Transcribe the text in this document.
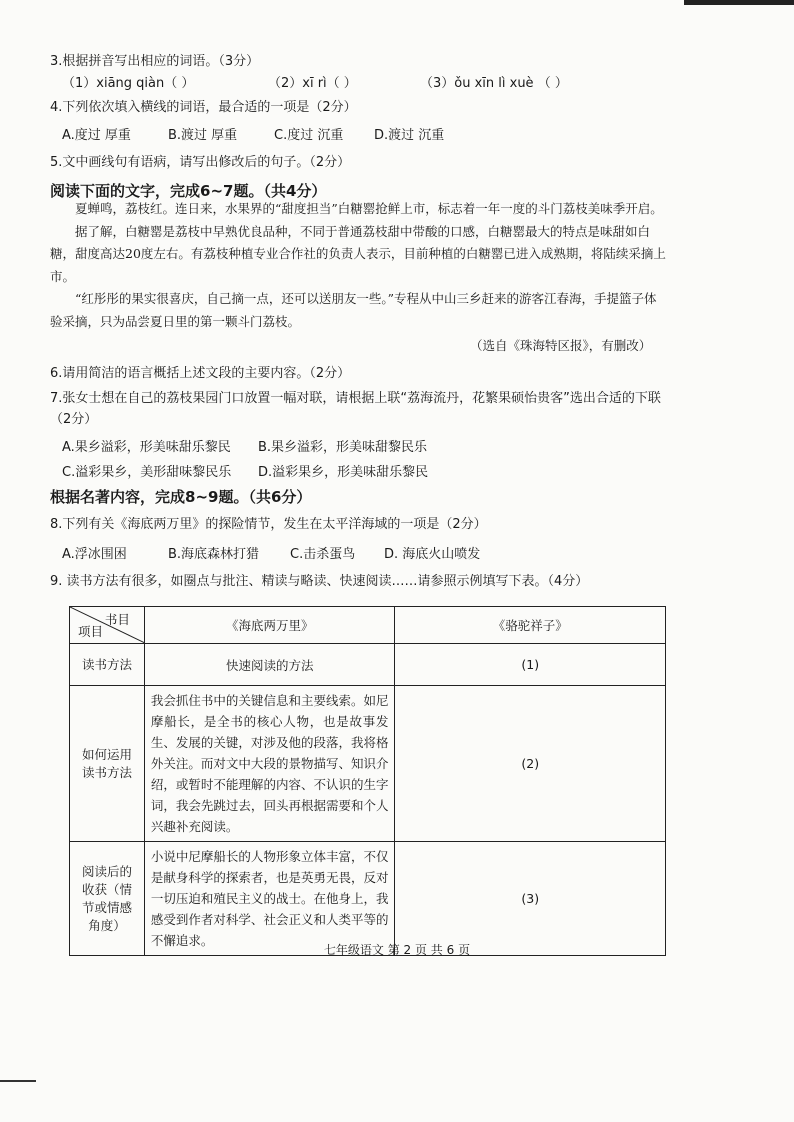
3.根据拼音写出相应的词语。（3分）
（1）xiāng qiàn（ ）	（2）xī rì（ ）	（3）ǒu xīn lì xuè （ ）
4.下列依次填入横线的词语，最合适的一项是（2分）
A.度过 厚重	B.渡过 厚重	C.度过 沉重 D.渡过 沉重
5.文中画线句有语病，请写出修改后的句子。（2分）
阅读下面的文字，完成6~7题。（共4分）

夏蝉鸣，荔枝红。连日来，水果界的“甜度担当”白糖罂抢鲜上市，标志着一年一度的斗门荔枝美味季开启。

据了解，白糖罂是荔枝中早熟优良品种，不同于普通荔枝甜中带酸的口感，白糖罂最大的特点是味甜如白糖，甜度高达20度左右。有荔枝种植专业合作社的负责人表示，目前种植的白糖罂已进入成熟期，将陆续采摘上市。

“红彤彤的果实很喜庆，自己摘一点，还可以送朋友一些。”专程从中山三乡赶来的游客江春海，手提篮子体验采摘，只为品尝夏日里的第一颗斗门荔枝。

（选自《珠海特区报》，有删改）
6.请用简洁的语言概括上述文段的主要内容。（2分）
7.张女士想在自己的荔枝果园门口放置一幅对联，请根据上联“荔海流丹，花繁果硕怡贵客”选出合适的下联
（2分）
A.果乡溢彩，形美味甜乐黎民 B.果乡溢彩，形美味甜黎民乐
C.溢彩果乡，美形甜味黎民乐 D.溢彩果乡，形美味甜乐黎民
根据名著内容，完成8~9题。（共6分）
8.下列有关《海底两万里》的探险情节，发生在太平洋海域的一项是（2分）
A.浮冰围困	B.海底森林打猎 C.击杀蛋鸟 D. 海底火山喷发
9. 读书方法有很多，如圈点与批注、精读与略读、快速阅读……请参照示例填写下表。（4分）
书目
项目	《海底两万里》	《骆驼祥子》
读书方法	快速阅读的方法	(1)
如何运用读书方法	我会抓住书中的关键信息和主要线索。如尼摩船长，是全书的核心人物，也是故事发生、发展的关键，对涉及他的段落，我将格外关注。而对文中大段的景物描写、知识介绍，或暂时不能理解的内容、不认识的生字词，我会先跳过去，回头再根据需要和个人兴趣补充阅读。	(2)
阅读后的收获（情节或情感角度）	小说中尼摩船长的人物形象立体丰富，不仅是献身科学的探索者，也是英勇无畏，反对一切压迫和殖民主义的战士。在他身上，我感受到作者对科学、社会正义和人类平等的不懈追求。	(3)
七年级语文 第 2 页 共 6 页
